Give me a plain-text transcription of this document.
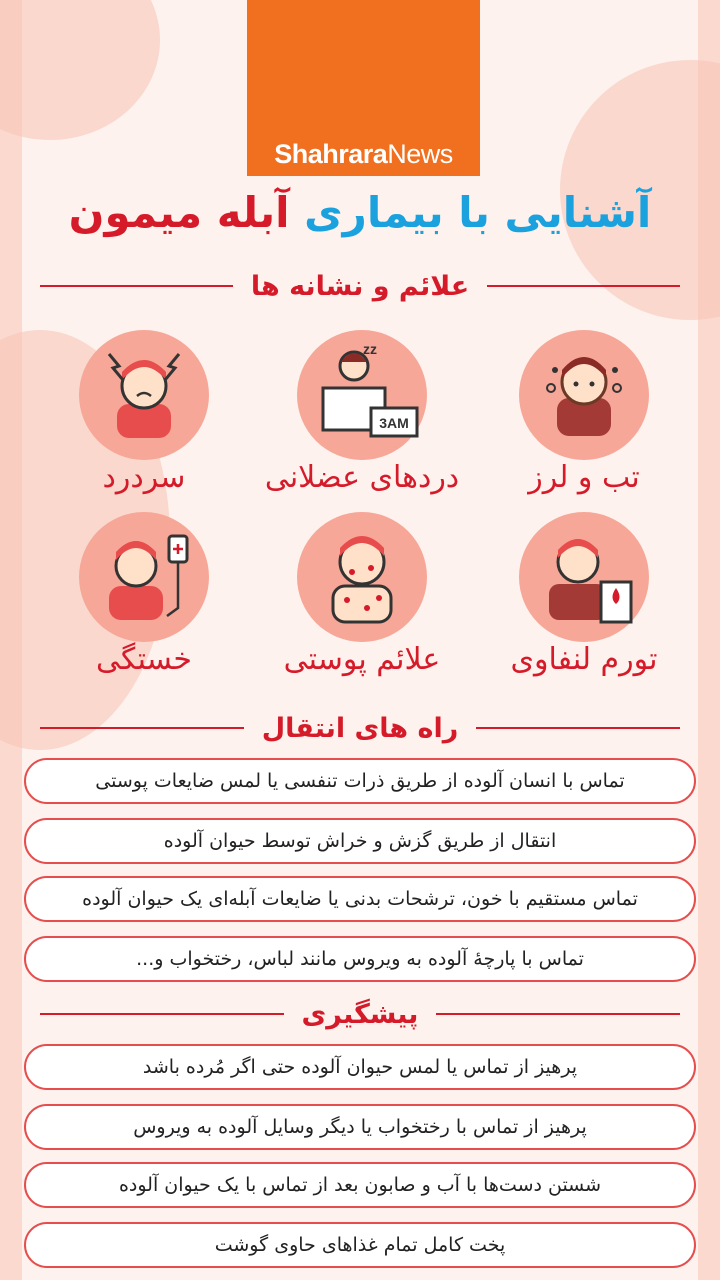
ShahraraNews
آشنایی با بیماری آبله میمون
علائم و نشانه ها
تب و لرز
3AM
zz
دردهای عضلانی
سردرد
تورم لنفاوی
علائم پوستی
خستگی
راه های انتقال
تماس با انسان آلوده از طریق ذرات تنفسی یا لمس ضایعات پوستی
انتقال از طریق گزش و خراش توسط حیوان آلوده
تماس مستقیم با خون، ترشحات بدنی یا ضایعات آبله‌ای یک حیوان آلوده
تماس با پارچهٔ آلوده به ویروس مانند لباس، رختخواب و...
پیشگیری
پرهیز از تماس یا لمس حیوان آلوده حتی اگر مُرده باشد
پرهیز از تماس با رختخواب یا دیگر وسایل آلوده به ویروس
شستن دست‌ها با آب و صابون بعد از تماس با یک حیوان آلوده
پخت کامل تمام غذاهای حاوی گوشت
